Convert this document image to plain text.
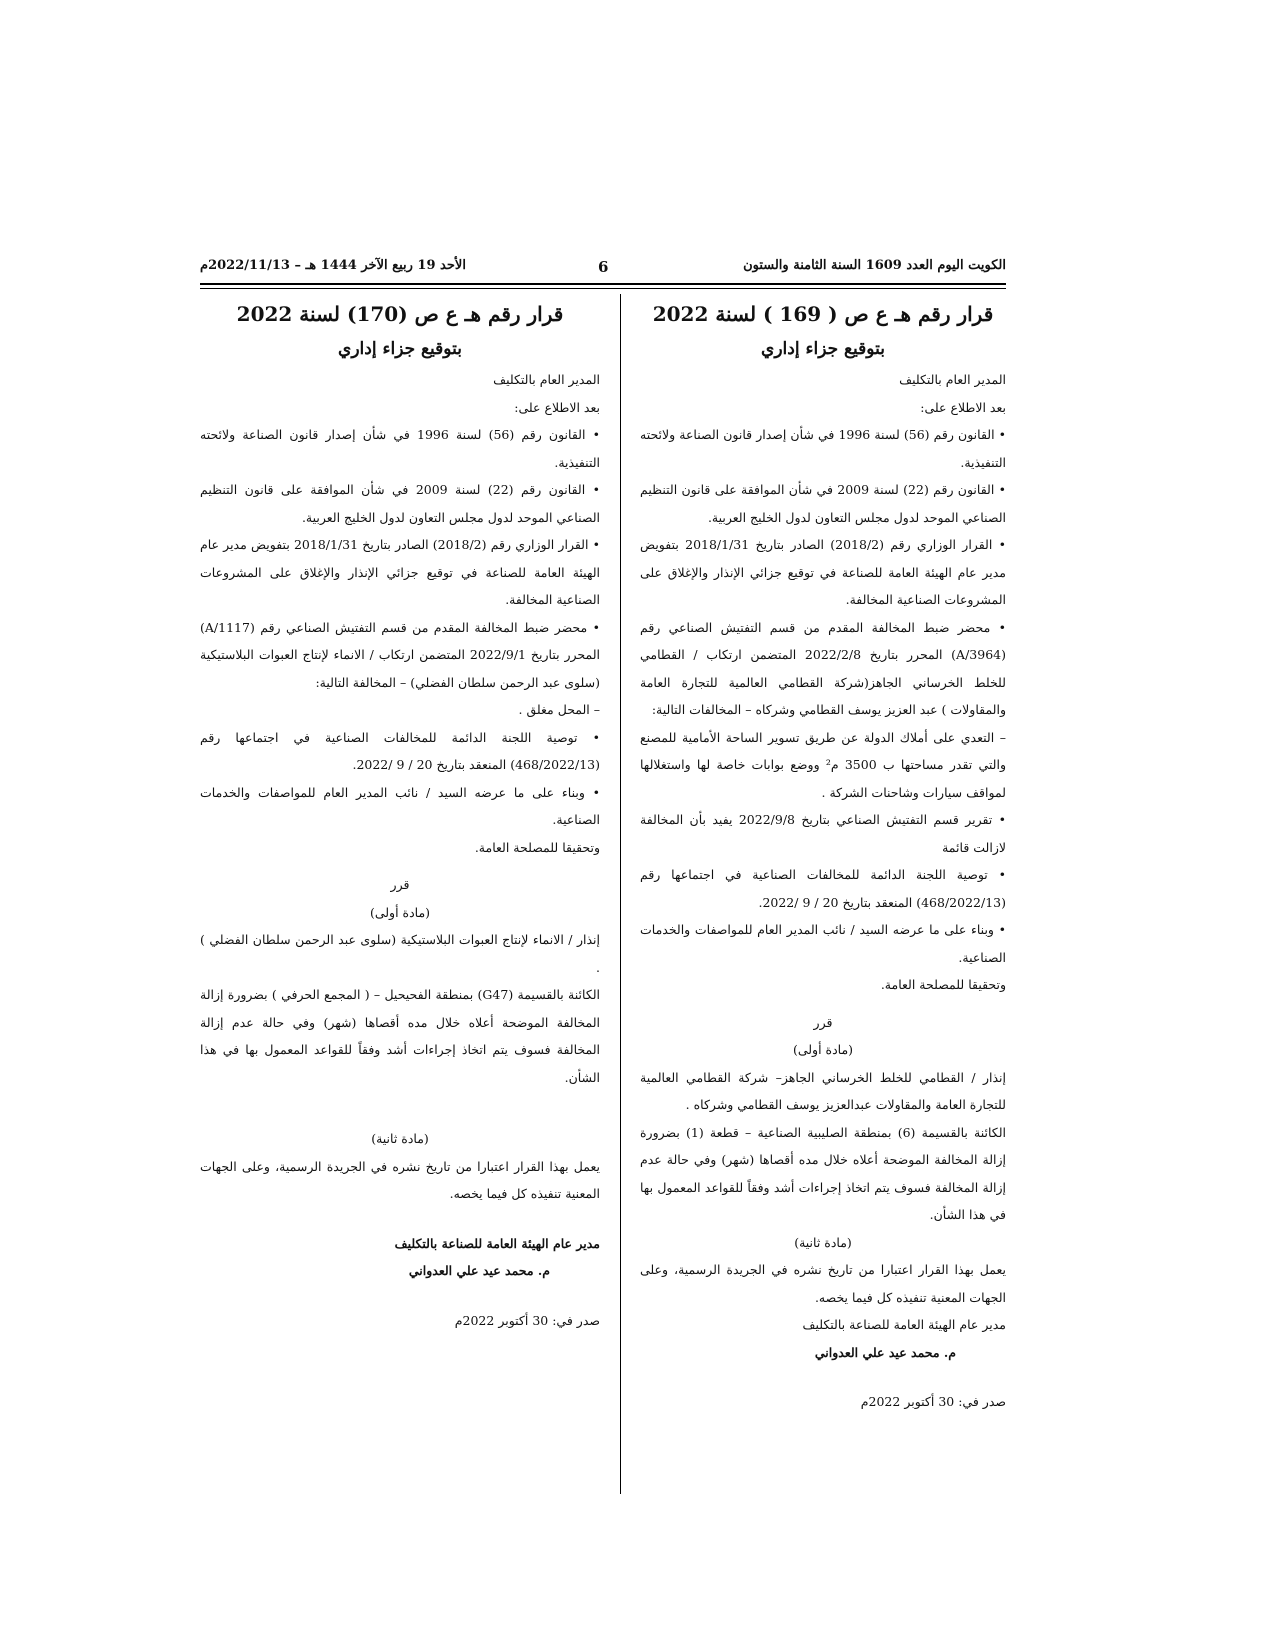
الكويت اليوم العدد 1609 السنة الثامنة والستون
6
الأحد 19 ربيع الآخر 1444 هـ – 2022/11/13م

قرار رقم هـ ع ص ( 169 ) لسنة 2022

بتوقيع جزاء إداري

المدير العام بالتكليف

بعد الاطلاع على:

• القانون رقم (56) لسنة 1996 في شأن إصدار قانون الصناعة ولائحته التنفيذية.

• القانون رقم (22) لسنة 2009 في شأن الموافقة على قانون التنظيم الصناعي الموحد لدول مجلس التعاون لدول الخليج العربية.

• القرار الوزاري رقم (2018/2) الصادر بتاريخ 2018/1/31 بتفويض مدير عام الهيئة العامة للصناعة في توقيع جزائي الإنذار والإغلاق على المشروعات الصناعية المخالفة.

• محضر ضبط المخالفة المقدم من قسم التفتيش الصناعي رقم (A/3964) المحرر بتاريخ 2022/2/8 المتضمن ارتكاب / القطامي للخلط الخرساني الجاهز(شركة القطامي العالمية للتجارة العامة والمقاولات ) عبد العزيز يوسف القطامي وشركاه – المخالفات التالية:

– التعدي على أملاك الدولة عن طريق تسوير الساحة الأمامية للمصنع والتي تقدر مساحتها ب 3500 م² ووضع بوابات خاصة لها واستغلالها لمواقف سيارات وشاحنات الشركة .

• تقرير قسم التفتيش الصناعي بتاريخ 2022/9/8 يفيد بأن المخالفة لازالت قائمة

• توصية اللجنة الدائمة للمخالفات الصناعية في اجتماعها رقم (468/2022/13) المنعقد بتاريخ 20 / 9 /2022.

• وبناء على ما عرضه السيد / نائب المدير العام للمواصفات والخدمات الصناعية.

وتحقيقا للمصلحة العامة.

قرر

(مادة أولى)

إنذار / القطامي للخلط الخرساني الجاهز– شركة القطامي العالمية للتجارة العامة والمقاولات عبدالعزيز يوسف القطامي وشركاه .

الكائنة بالقسيمة (6) بمنطقة الصليبية الصناعية – قطعة (1) بضرورة إزالة المخالفة الموضحة أعلاه خلال مده أقصاها (شهر) وفي حالة عدم إزالة المخالفة فسوف يتم اتخاذ إجراءات أشد وفقاً للقواعد المعمول بها في هذا الشأن.

(مادة ثانية)

يعمل بهذا القرار اعتبارا من تاريخ نشره في الجريدة الرسمية، وعلى الجهات المعنية تنفيذه كل فيما يخصه.

مدير عام الهيئة العامة للصناعة بالتكليف

م. محمد عيد علي العدواني

صدر في: 30 أكتوبر 2022م

قرار رقم هـ ع ص (170) لسنة 2022

بتوقيع جزاء إداري

المدير العام بالتكليف

بعد الاطلاع على:

• القانون رقم (56) لسنة 1996 في شأن إصدار قانون الصناعة ولائحته التنفيذية.

• القانون رقم (22) لسنة 2009 في شأن الموافقة على قانون التنظيم الصناعي الموحد لدول مجلس التعاون لدول الخليج العربية.

• القرار الوزاري رقم (2018/2) الصادر بتاريخ 2018/1/31 بتفويض مدير عام الهيئة العامة للصناعة في توقيع جزائي الإنذار والإغلاق على المشروعات الصناعية المخالفة.

• محضر ضبط المخالفة المقدم من قسم التفتيش الصناعي رقم (A/1117) المحرر بتاريخ 2022/9/1 المتضمن ارتكاب / الانماء لإنتاج العبوات البلاستيكية (سلوى عبد الرحمن سلطان الفضلي) – المخالفة التالية:

– المحل مغلق .

• توصية اللجنة الدائمة للمخالفات الصناعية في اجتماعها رقم (468/2022/13) المنعقد بتاريخ 20 / 9 /2022.

• وبناء على ما عرضه السيد / نائب المدير العام للمواصفات والخدمات الصناعية.

وتحقيقا للمصلحة العامة.

قرر

(مادة أولى)

إنذار / الانماء لإنتاج العبوات البلاستيكية (سلوى عبد الرحمن سلطان الفضلي ) .

الكائنة بالقسيمة (G47) بمنطقة الفحيحيل – ( المجمع الحرفي ) بضرورة إزالة المخالفة الموضحة أعلاه خلال مده أقصاها (شهر) وفي حالة عدم إزالة المخالفة فسوف يتم اتخاذ إجراءات أشد وفقاً للقواعد المعمول بها في هذا الشأن.

(مادة ثانية)

يعمل بهذا القرار اعتبارا من تاريخ نشره في الجريدة الرسمية، وعلى الجهات المعنية تنفيذه كل فيما يخصه.

مدير عام الهيئة العامة للصناعة بالتكليف

م. محمد عيد علي العدواني

صدر في: 30 أكتوبر 2022م
